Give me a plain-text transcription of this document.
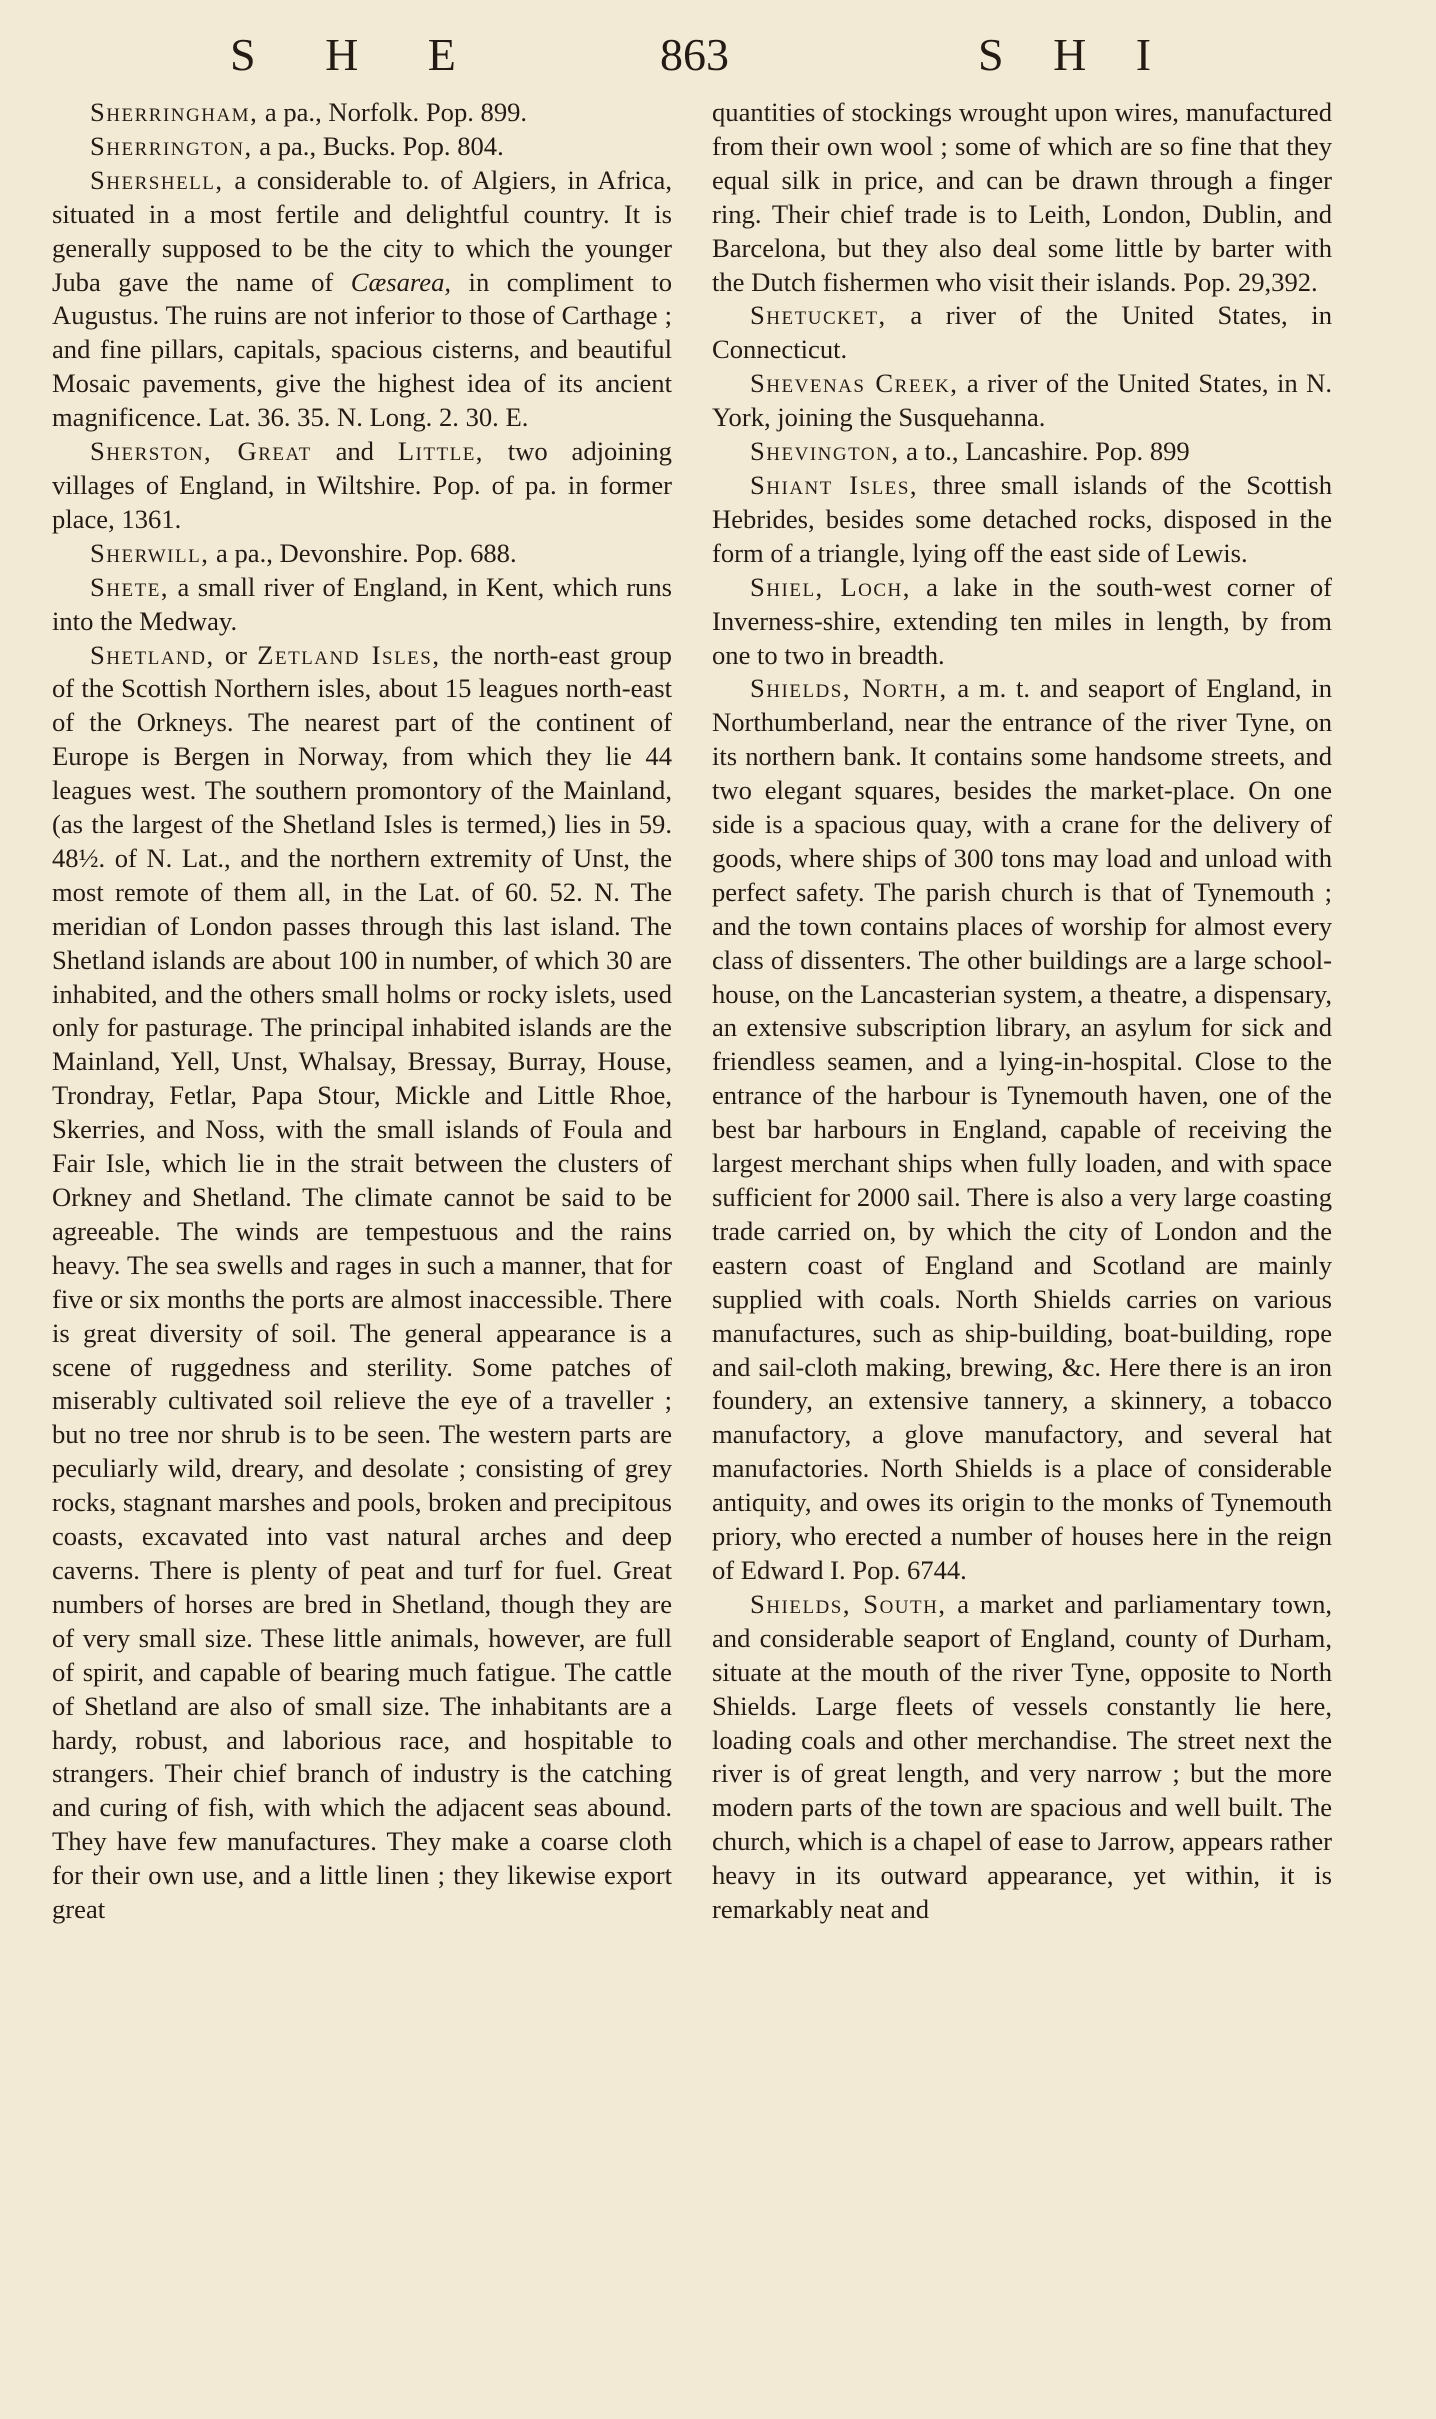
S H E	863	S H I

Sherringham, a pa., Norfolk. Pop. 899.

Sherrington, a pa., Bucks. Pop. 804.

Shershell, a considerable to. of Algiers, in Africa, situated in a most fertile and delightful country. It is generally supposed to be the city to which the younger Juba gave the name of Cæsarea, in compliment to Augustus. The ruins are not inferior to those of Carthage ; and fine pillars, capitals, spacious cisterns, and beautiful Mosaic pavements, give the highest idea of its ancient magnificence. Lat. 36. 35. N. Long. 2. 30. E.

Sherston, Great and Little, two adjoining villages of England, in Wiltshire. Pop. of pa. in former place, 1361.

Sherwill, a pa., Devonshire. Pop. 688.

Shete, a small river of England, in Kent, which runs into the Medway.

Shetland, or Zetland Isles, the north-east group of the Scottish Northern isles, about 15 leagues north-east of the Orkneys. The nearest part of the continent of Europe is Bergen in Norway, from which they lie 44 leagues west. The southern promontory of the Mainland, (as the largest of the Shetland Isles is termed,) lies in 59. 48½. of N. Lat., and the northern extremity of Unst, the most remote of them all, in the Lat. of 60. 52. N. The meridian of London passes through this last island. The Shetland islands are about 100 in number, of which 30 are inhabited, and the others small holms or rocky islets, used only for pasturage. The principal inhabited islands are the Mainland, Yell, Unst, Whalsay, Bressay, Burray, House, Trondray, Fetlar, Papa Stour, Mickle and Little Rhoe, Skerries, and Noss, with the small islands of Foula and Fair Isle, which lie in the strait between the clusters of Orkney and Shetland. The climate cannot be said to be agreeable. The winds are tempestuous and the rains heavy. The sea swells and rages in such a manner, that for five or six months the ports are almost inaccessible. There is great diversity of soil. The general appearance is a scene of ruggedness and sterility. Some patches of miserably cultivated soil relieve the eye of a traveller ; but no tree nor shrub is to be seen. The western parts are peculiarly wild, dreary, and desolate ; consisting of grey rocks, stagnant marshes and pools, broken and precipitous coasts, excavated into vast natural arches and deep caverns. There is plenty of peat and turf for fuel. Great numbers of horses are bred in Shetland, though they are of very small size. These little animals, however, are full of spirit, and capable of bearing much fatigue. The cattle of Shetland are also of small size. The inhabitants are a hardy, robust, and laborious race, and hospitable to strangers. Their chief branch of industry is the catching and curing of fish, with which the adjacent seas abound. They have few manufactures. They make a coarse cloth for their own use, and a little linen ; they likewise export great

quantities of stockings wrought upon wires, manufactured from their own wool ; some of which are so fine that they equal silk in price, and can be drawn through a finger ring. Their chief trade is to Leith, London, Dublin, and Barcelona, but they also deal some little by barter with the Dutch fishermen who visit their islands. Pop. 29,392.

Shetucket, a river of the United States, in Connecticut.

Shevenas Creek, a river of the United States, in N. York, joining the Susquehanna.

Shevington, a to., Lancashire. Pop. 899

Shiant Isles, three small islands of the Scottish Hebrides, besides some detached rocks, disposed in the form of a triangle, lying off the east side of Lewis.

Shiel, Loch, a lake in the south-west corner of Inverness-shire, extending ten miles in length, by from one to two in breadth.

Shields, North, a m. t. and seaport of England, in Northumberland, near the entrance of the river Tyne, on its northern bank. It contains some handsome streets, and two elegant squares, besides the market-place. On one side is a spacious quay, with a crane for the delivery of goods, where ships of 300 tons may load and unload with perfect safety. The parish church is that of Tynemouth ; and the town contains places of worship for almost every class of dissenters. The other buildings are a large school-house, on the Lancasterian system, a theatre, a dispensary, an extensive subscription library, an asylum for sick and friendless seamen, and a lying-in-hospital. Close to the entrance of the harbour is Tynemouth haven, one of the best bar harbours in England, capable of receiving the largest merchant ships when fully loaden, and with space sufficient for 2000 sail. There is also a very large coasting trade carried on, by which the city of London and the eastern coast of England and Scotland are mainly supplied with coals. North Shields carries on various manufactures, such as ship-building, boat-building, rope and sail-cloth making, brewing, &c. Here there is an iron foundery, an extensive tannery, a skinnery, a tobacco manufactory, a glove manufactory, and several hat manufactories. North Shields is a place of considerable antiquity, and owes its origin to the monks of Tynemouth priory, who erected a number of houses here in the reign of Edward I. Pop. 6744.

Shields, South, a market and parliamentary town, and considerable seaport of England, county of Durham, situate at the mouth of the river Tyne, opposite to North Shields. Large fleets of vessels constantly lie here, loading coals and other merchandise. The street next the river is of great length, and very narrow ; but the more modern parts of the town are spacious and well built. The church, which is a chapel of ease to Jarrow, appears rather heavy in its outward appearance, yet within, it is remarkably neat and
